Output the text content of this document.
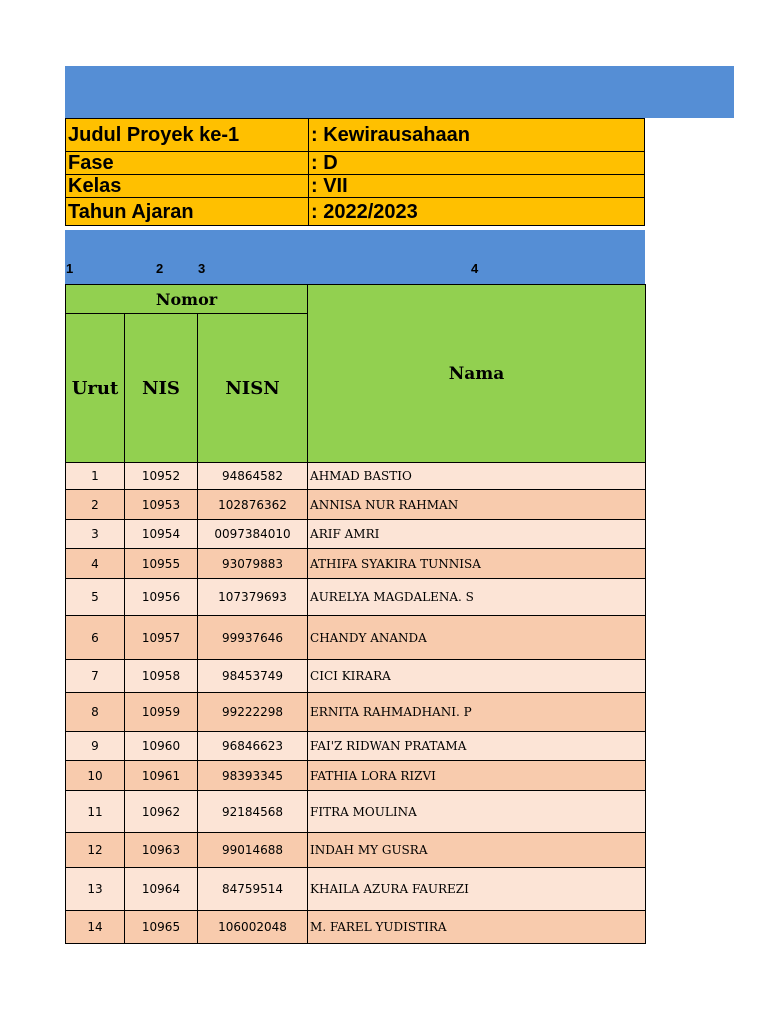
Judul Proyek ke-1	: Kewirausahaan
Fase	: D
Kelas	: VII
Tahun Ajaran	: 2022/2023
1	2	3	4
Nomor			Nama
Urut	NIS	NISN	
1	10952	94864582	AHMAD BASTIO
2	10953	102876362	ANNISA NUR RAHMAN
3	10954	0097384010	ARIF AMRI
4	10955	93079883	ATHIFA SYAKIRA TUNNISA
5	10956	107379693	AURELYA MAGDALENA. S
6	10957	99937646	CHANDY ANANDA
7	10958	98453749	CICI KIRARA
8	10959	99222298	ERNITA RAHMADHANI. P
9	10960	96846623	FAI'Z RIDWAN PRATAMA
10	10961	98393345	FATHIA LORA RIZVI
11	10962	92184568	FITRA MOULINA
12	10963	99014688	INDAH MY GUSRA
13	10964	84759514	KHAILA AZURA FAUREZI
14	10965	106002048	M. FAREL YUDISTIRA
